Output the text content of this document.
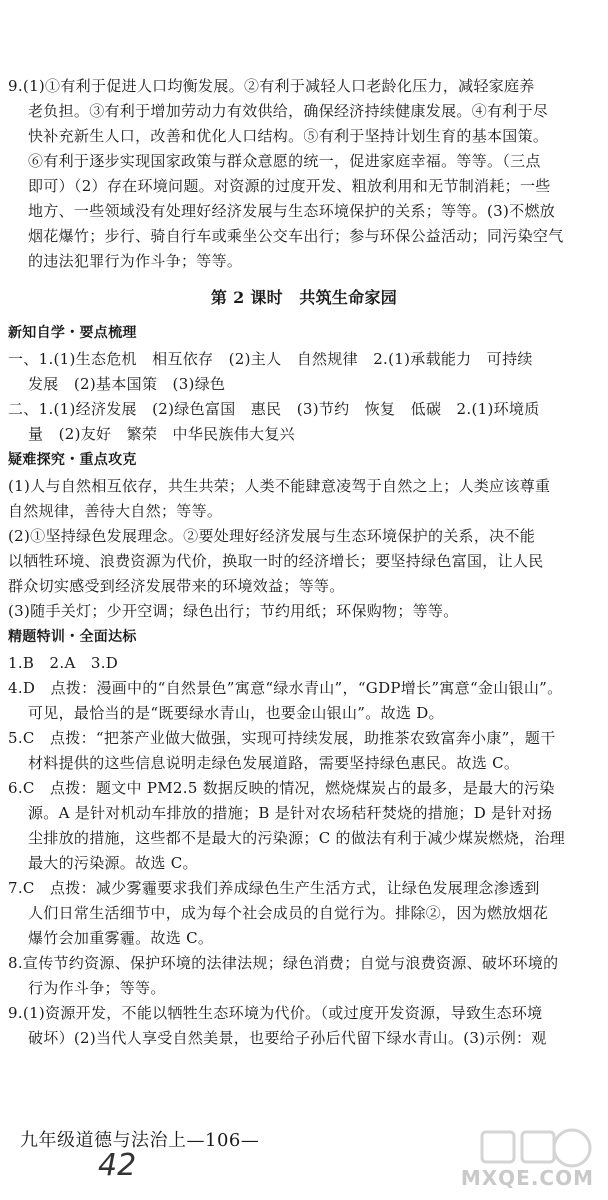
9.(1)①有利于促进人口均衡发展。②有利于减轻人口老龄化压力，减轻家庭养
老负担。③有利于增加劳动力有效供给，确保经济持续健康发展。④有利于尽
快补充新生人口，改善和优化人口结构。⑤有利于坚持计划生育的基本国策。
⑥有利于逐步实现国家政策与群众意愿的统一，促进家庭幸福。等等。（三点
即可）（2）存在环境问题。对资源的过度开发、粗放利用和无节制消耗；一些
地方、一些领域没有处理好经济发展与生态环境保护的关系；等等。(3)不燃放
烟花爆竹；步行、骑自行车或乘坐公交车出行；参与环保公益活动；同污染空气
的违法犯罪行为作斗争；等等。
第 2 课时　共筑生命家园
新知自学・要点梳理
一、1.(1)生态危机　相互依存　(2)主人　自然规律　2.(1)承载能力　可持续
发展　(2)基本国策　(3)绿色
二、1.(1)经济发展　(2)绿色富国　惠民　(3)节约　恢复　低碳　2.(1)环境质
量　(2)友好　繁荣　中华民族伟大复兴
疑难探究・重点攻克
(1)人与自然相互依存，共生共荣；人类不能肆意凌驾于自然之上；人类应该尊重
自然规律，善待大自然；等等。
(2)①坚持绿色发展理念。②要处理好经济发展与生态环境保护的关系，决不能
以牺牲环境、浪费资源为代价，换取一时的经济增长；要坚持绿色富国，让人民
群众切实感受到经济发展带来的环境效益；等等。
(3)随手关灯；少开空调；绿色出行；节约用纸；环保购物；等等。
精题特训・全面达标
1.B　2.A　3.D
4.D　点拨：漫画中的“自然景色”寓意“绿水青山”，“GDP增长”寓意“金山银山”。
可见，最恰当的是“既要绿水青山，也要金山银山”。故选 D。
5.C　点拨：“把茶产业做大做强，实现可持续发展，助推茶农致富奔小康”，题干
材料提供的这些信息说明走绿色发展道路，需要坚持绿色惠民。故选 C。
6.C　点拨：题文中 PM2.5 数据反映的情况，燃烧煤炭占的最多，是最大的污染
源。A 是针对机动车排放的措施；B 是针对农场秸秆焚烧的措施；D 是针对扬
尘排放的措施，这些都不是最大的污染源；C 的做法有利于减少煤炭燃烧，治理
最大的污染源。故选 C。
7.C　点拨：减少雾霾要求我们养成绿色生产生活方式，让绿色发展理念渗透到
人们日常生活细节中，成为每个社会成员的自觉行为。排除②，因为燃放烟花
爆竹会加重雾霾。故选 C。
8.宣传节约资源、保护环境的法律法规；绿色消费；自觉与浪费资源、破坏环境的
行为作斗争；等等。
9.(1)资源开发，不能以牺牲生态环境为代价。（或过度开发资源，导致生态环境
破坏）(2)当代人享受自然美景，也要给子孙后代留下绿水青山。(3)示例：观
九年级道德与法治上—106—
42	MXQE.COM
